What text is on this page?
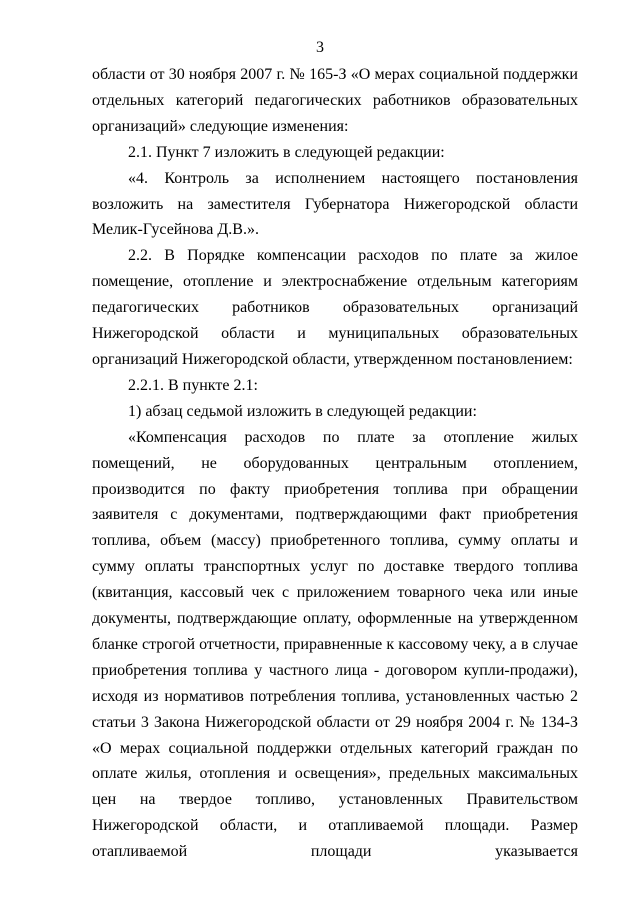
3

области от 30 ноября 2007 г. № 165-З «О мерах социальной поддержки отдельных категорий педагогических работников образовательных организаций» следующие изменения:

2.1. Пункт 7 изложить в следующей редакции:

«4. Контроль за исполнением настоящего постановления возложить на заместителя Губернатора Нижегородской области Мелик-Гусейнова Д.В.».

2.2. В Порядке компенсации расходов по плате за жилое помещение, отопление и электроснабжение отдельным категориям педагогических работников образовательных организаций Нижегородской области и муниципальных образовательных организаций Нижегородской области, утвержденном постановлением:

2.2.1. В пункте 2.1:

1) абзац седьмой изложить в следующей редакции:

«Компенсация расходов по плате за отопление жилых помещений, не оборудованных центральным отоплением, производится по факту приобретения топлива при обращении заявителя с документами, подтверждающими факт приобретения топлива, объем (массу) приобретенного топлива, сумму оплаты и сумму оплаты транспортных услуг по доставке твердого топлива (квитанция, кассовый чек с приложением товарного чека или иные документы, подтверждающие оплату, оформленные на утвержденном бланке строгой отчетности, приравненные к кассовому чеку, а в случае приобретения топлива у частного лица - договором купли-продажи), исходя из нормативов потребления топлива, установленных частью 2 статьи 3 Закона Нижегородской области от 29 ноября 2004 г. № 134-З «О мерах социальной поддержки отдельных категорий граждан по оплате жилья, отопления и освещения», предельных максимальных цен на твердое топливо, установленных Правительством Нижегородской области, и отапливаемой площади. Размер отапливаемой площади указывается
